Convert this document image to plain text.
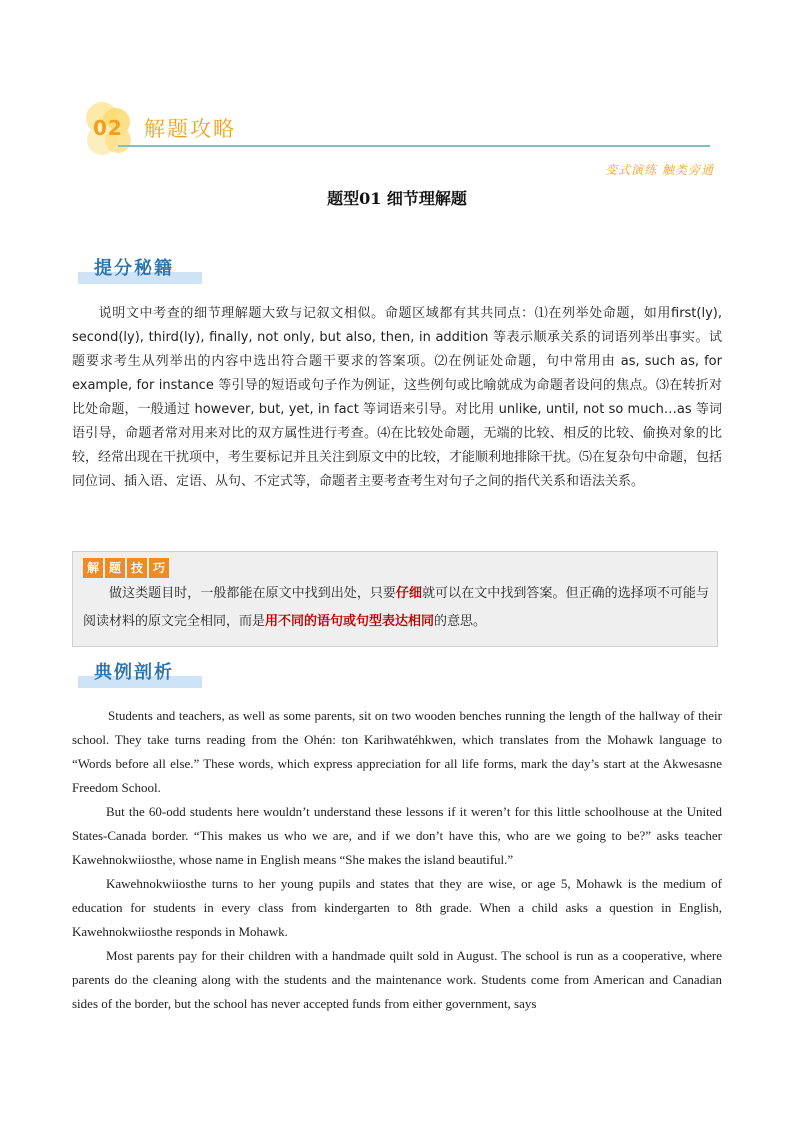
02 解题攻略
变式演练 触类旁通
题型01 细节理解题
提分秘籍
说明文中考查的细节理解题大致与记叙文相似。命题区域都有其共同点：⑴在列举处命题，如用first(ly), second(ly), third(ly), finally, not only, but also, then, in addition 等表示顺承关系的词语列举出事实。试题要求考生从列举出的内容中选出符合题干要求的答案项。⑵在例证处命题，句中常用由 as, such as, for example, for instance 等引导的短语或句子作为例证，这些例句或比喻就成为命题者设问的焦点。⑶在转折对比处命题，一般通过 however, but, yet, in fact 等词语来引导。对比用 unlike, until, not so much…as 等词语引导，命题者常对用来对比的双方属性进行考查。⑷在比较处命题，无端的比较、相反的比较、偷换对象的比较，经常出现在干扰项中，考生要标记并且关注到原文中的比较，才能顺利地排除干扰。⑸在复杂句中命题，包括同位词、插入语、定语、从句、不定式等，命题者主要考查考生对句子之间的指代关系和语法关系。
解 题 技 巧
做这类题目时，一般都能在原文中找到出处，只要仔细就可以在文中找到答案。但正确的选择项不可能与阅读材料的原文完全相同，而是用不同的语句或句型表达相同的意思。
典例剖析

Students and teachers, as well as some parents, sit on two wooden benches running the length of the hallway of their school. They take turns reading from the Ohén: ton Karihwatéhkwen, which translates from the Mohawk language to “Words before all else.” These words, which express appreciation for all life forms, mark the day’s start at the Akwesasne Freedom School.

But the 60-odd students here wouldn’t understand these lessons if it weren’t for this little schoolhouse at the United States-Canada border. “This makes us who we are, and if we don’t have this, who are we going to be?” asks teacher Kawehnokwiiosthe, whose name in English means “She makes the island beautiful.”

Kawehnokwiiosthe turns to her young pupils and states that they are wise, or age 5, Mohawk is the medium of education for students in every class from kindergarten to 8th grade. When a child asks a question in English, Kawehnokwiiosthe responds in Mohawk.

Most parents pay for their children with a handmade quilt sold in August. The school is run as a cooperative, where parents do the cleaning along with the students and the maintenance work. Students come from American and Canadian sides of the border, but the school has never accepted funds from either government, says
